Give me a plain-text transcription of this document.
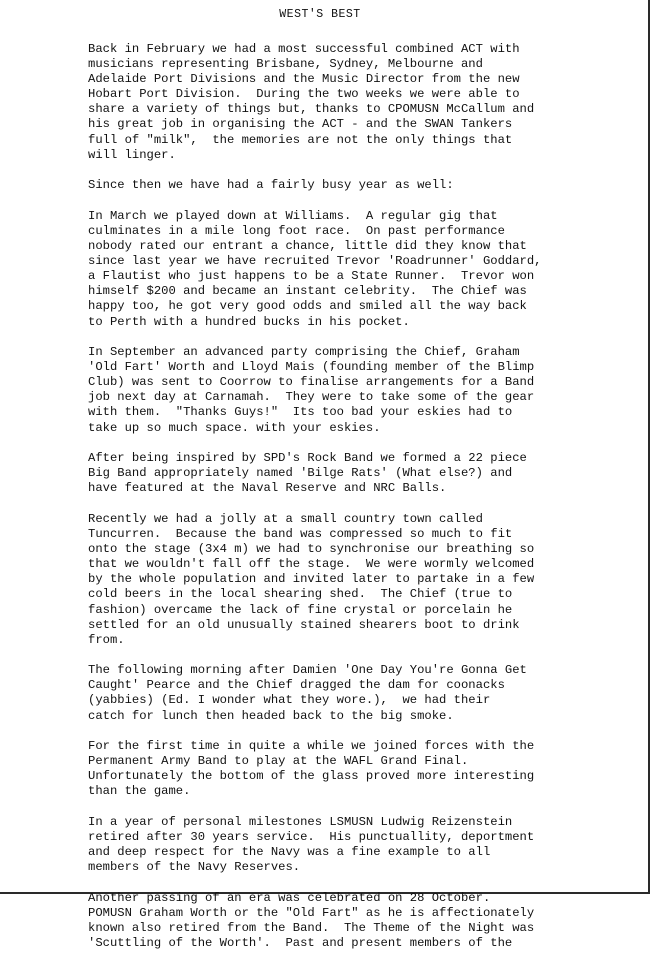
WEST'S BEST
Back in February we had a most successful combined ACT with
musicians representing Brisbane, Sydney, Melbourne and
Adelaide Port Divisions and the Music Director from the new
Hobart Port Division.  During the two weeks we were able to
share a variety of things but, thanks to CPOMUSN McCallum and
his great job in organising the ACT - and the SWAN Tankers
full of "milk",  the memories are not the only things that
will linger.
Since then we have had a fairly busy year as well:
In March we played down at Williams.  A regular gig that
culminates in a mile long foot race.  On past performance
nobody rated our entrant a chance, little did they know that
since last year we have recruited Trevor 'Roadrunner' Goddard,
a Flautist who just happens to be a State Runner.  Trevor won
himself $200 and became an instant celebrity.  The Chief was
happy too, he got very good odds and smiled all the way back
to Perth with a hundred bucks in his pocket.
In September an advanced party comprising the Chief, Graham
'Old Fart' Worth and Lloyd Mais (founding member of the Blimp
Club) was sent to Coorrow to finalise arrangements for a Band
job next day at Carnamah.  They were to take some of the gear
with them.  "Thanks Guys!"  Its too bad your eskies had to
take up so much space. with your eskies.
After being inspired by SPD's Rock Band we formed a 22 piece
Big Band appropriately named 'Bilge Rats' (What else?) and
have featured at the Naval Reserve and NRC Balls.
Recently we had a jolly at a small country town called
Tuncurren.  Because the band was compressed so much to fit
onto the stage (3x4 m) we had to synchronise our breathing so
that we wouldn't fall off the stage.  We were wormly welcomed
by the whole population and invited later to partake in a few
cold beers in the local shearing shed.  The Chief (true to
fashion) overcame the lack of fine crystal or porcelain he
settled for an old unusually stained shearers boot to drink
from.
The following morning after Damien 'One Day You're Gonna Get
Caught' Pearce and the Chief dragged the dam for coonacks
(yabbies) (Ed. I wonder what they wore.),  we had their
catch for lunch then headed back to the big smoke.
For the first time in quite a while we joined forces with the
Permanent Army Band to play at the WAFL Grand Final.
Unfortunately the bottom of the glass proved more interesting
than the game.
In a year of personal milestones LSMUSN Ludwig Reizenstein
retired after 30 years service.  His punctuallity, deportment
and deep respect for the Navy was a fine example to all
members of the Navy Reserves.
Another passing of an era was celebrated on 28 October.
POMUSN Graham Worth or the "Old Fart" as he is affectionately
known also retired from the Band.  The Theme of the Night was
'Scuttling of the Worth'.  Past and present members of the
